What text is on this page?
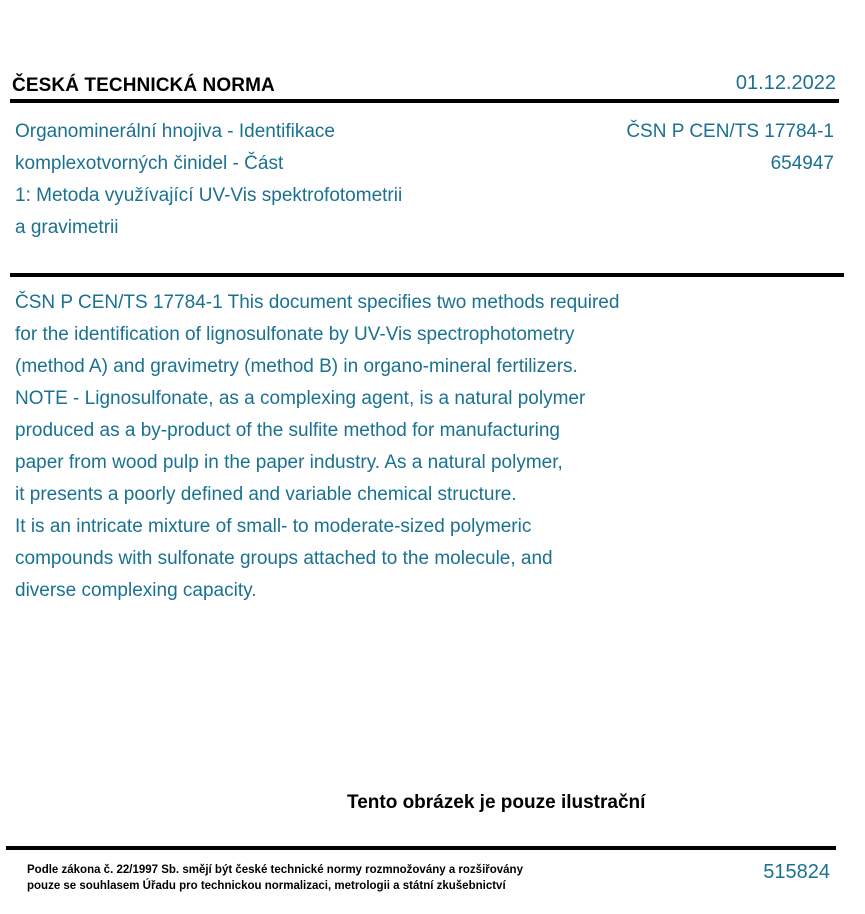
ČESKÁ TECHNICKÁ NORMA	01.12.2022
Organominerální hnojiva - Identifikace
komplexotvorných činidel - Část
1: Metoda využívající UV-Vis spektrofotometrii
a gravimetrii
ČSN P CEN/TS 17784-1
654947
ČSN P CEN/TS 17784-1 This document specifies two methods required
for the identification of lignosulfonate by UV-Vis spectrophotometry
(method A) and gravimetry (method B) in organo-mineral fertilizers.
NOTE - Lignosulfonate, as a complexing agent, is a natural polymer
produced as a by-product of the sulfite method for manufacturing
paper from wood pulp in the paper industry. As a natural polymer,
it presents a poorly defined and variable chemical structure.
It is an intricate mixture of small- to moderate-sized polymeric
compounds with sulfonate groups attached to the molecule, and
diverse complexing capacity.
Tento obrázek je pouze ilustrační
Podle zákona č. 22/1997 Sb. smějí být české technické normy rozmnožovány a rozšiřovány
pouze se souhlasem Úřadu pro technickou normalizaci, metrologii a státní zkušebnictví
515824
